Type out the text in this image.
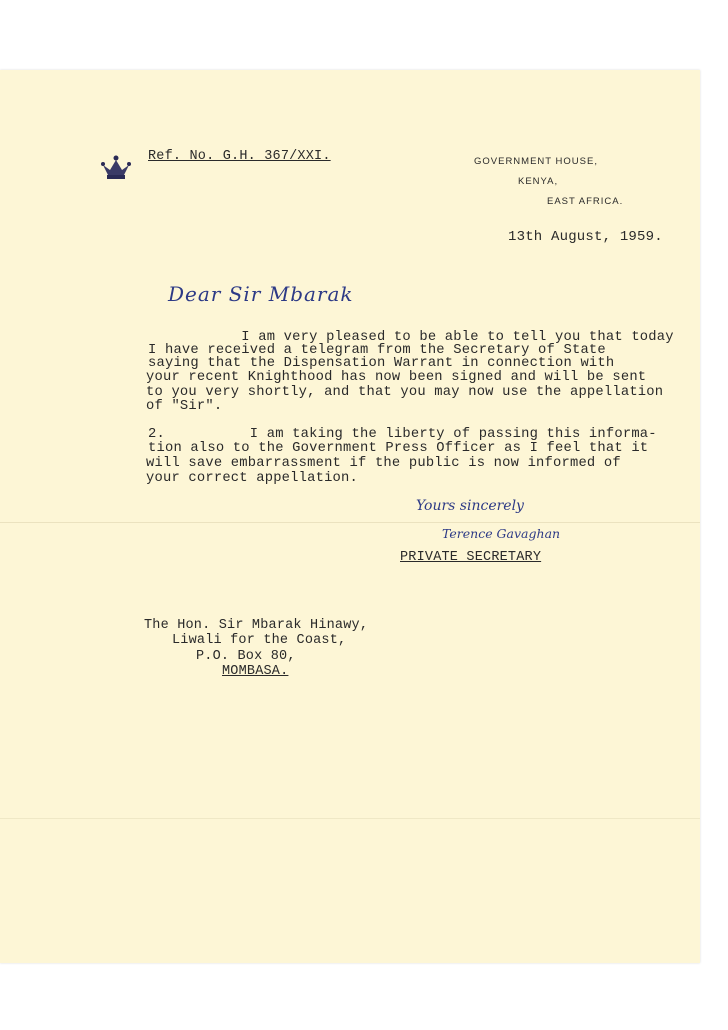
Ref. No. G.H. 367/XXI.	GOVERNMENT HOUSE,
KENYA,
EAST AFRICA.
13th August, 1959.
Dear Sir Mbarak
I am very pleased to be able to tell you that today
I have received a telegram from the Secretary of State
saying that the Dispensation Warrant in connection with
your recent Knighthood has now been signed and will be sent
to you very shortly, and that you may now use the appellation
of "Sir".
2.          I am taking the liberty of passing this informa-
tion also to the Government Press Officer as I feel that it
will save embarrassment if the public is now informed of
your correct appellation.
Yours sincerely
Terence Gavaghan
PRIVATE SECRETARY
The Hon. Sir Mbarak Hinawy,
Liwali for the Coast,
P.O. Box 80,
MOMBASA.
